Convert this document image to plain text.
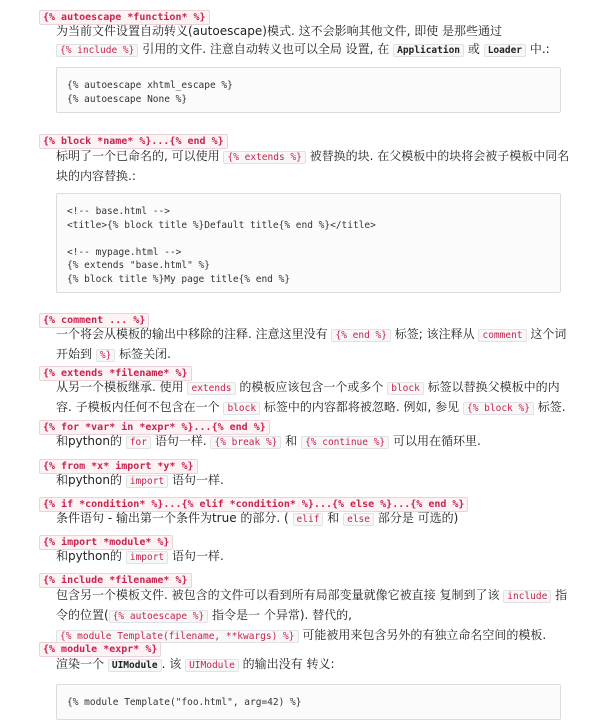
{% autoescape *function* %}

为当前文件设置自动转义(autoescape)模式. 这不会影响其他文件, 即使 是那些通过
{% include %} 引用的文件. 注意自动转义也可以全局 设置, 在 Application 或 Loader 中.:

{% autoescape xhtml_escape %}
{% autoescape None %}
{% block *name* %}...{% end %}

标明了一个已命名的, 可以使用 {% extends %} 被替换的块. 在父模板中的块将会被子模板中同名块的内容替换.:

<!-- base.html -->
<title>{% block title %}Default title{% end %}</title>

<!-- mypage.html -->
{% extends "base.html" %}
{% block title %}My page title{% end %}
{% comment ... %}

一个将会从模板的输出中移除的注释. 注意这里没有 {% end %} 标签; 该注释从 comment 这个词开始到 %} 标签关闭.

{% extends *filename* %}

从另一个模板继承. 使用 extends 的模板应该包含一个或多个 block 标签以替换父模板中的内容. 子模板内任何不包含在一个 block 标签中的内容都将被忽略. 例如, 参见 {% block %} 标签.

{% for *var* in *expr* %}...{% end %}

和python的 for 语句一样. {% break %} 和 {% continue %} 可以用在循环里.

{% from *x* import *y* %}

和python的 import 语句一样.

{% if *condition* %}...{% elif *condition* %}...{% else %}...{% end %}

条件语句 - 输出第一个条件为true 的部分. ( elif 和 else 部分是 可选的)

{% import *module* %}

和python的 import 语句一样.

{% include *filename* %}

包含另一个模板文件. 被包含的文件可以看到所有局部变量就像它被直接 复制到了该 include 指令的位置( {% autoescape %} 指令是一 个异常). 替代的,
{% module Template(filename, **kwargs) %} 可能被用来包含另外的有独立命名空间的模板.

{% module *expr* %}

渲染一个 UIModule . 该 UIModule 的输出没有 转义:

{% module Template("foo.html", arg=42) %}
